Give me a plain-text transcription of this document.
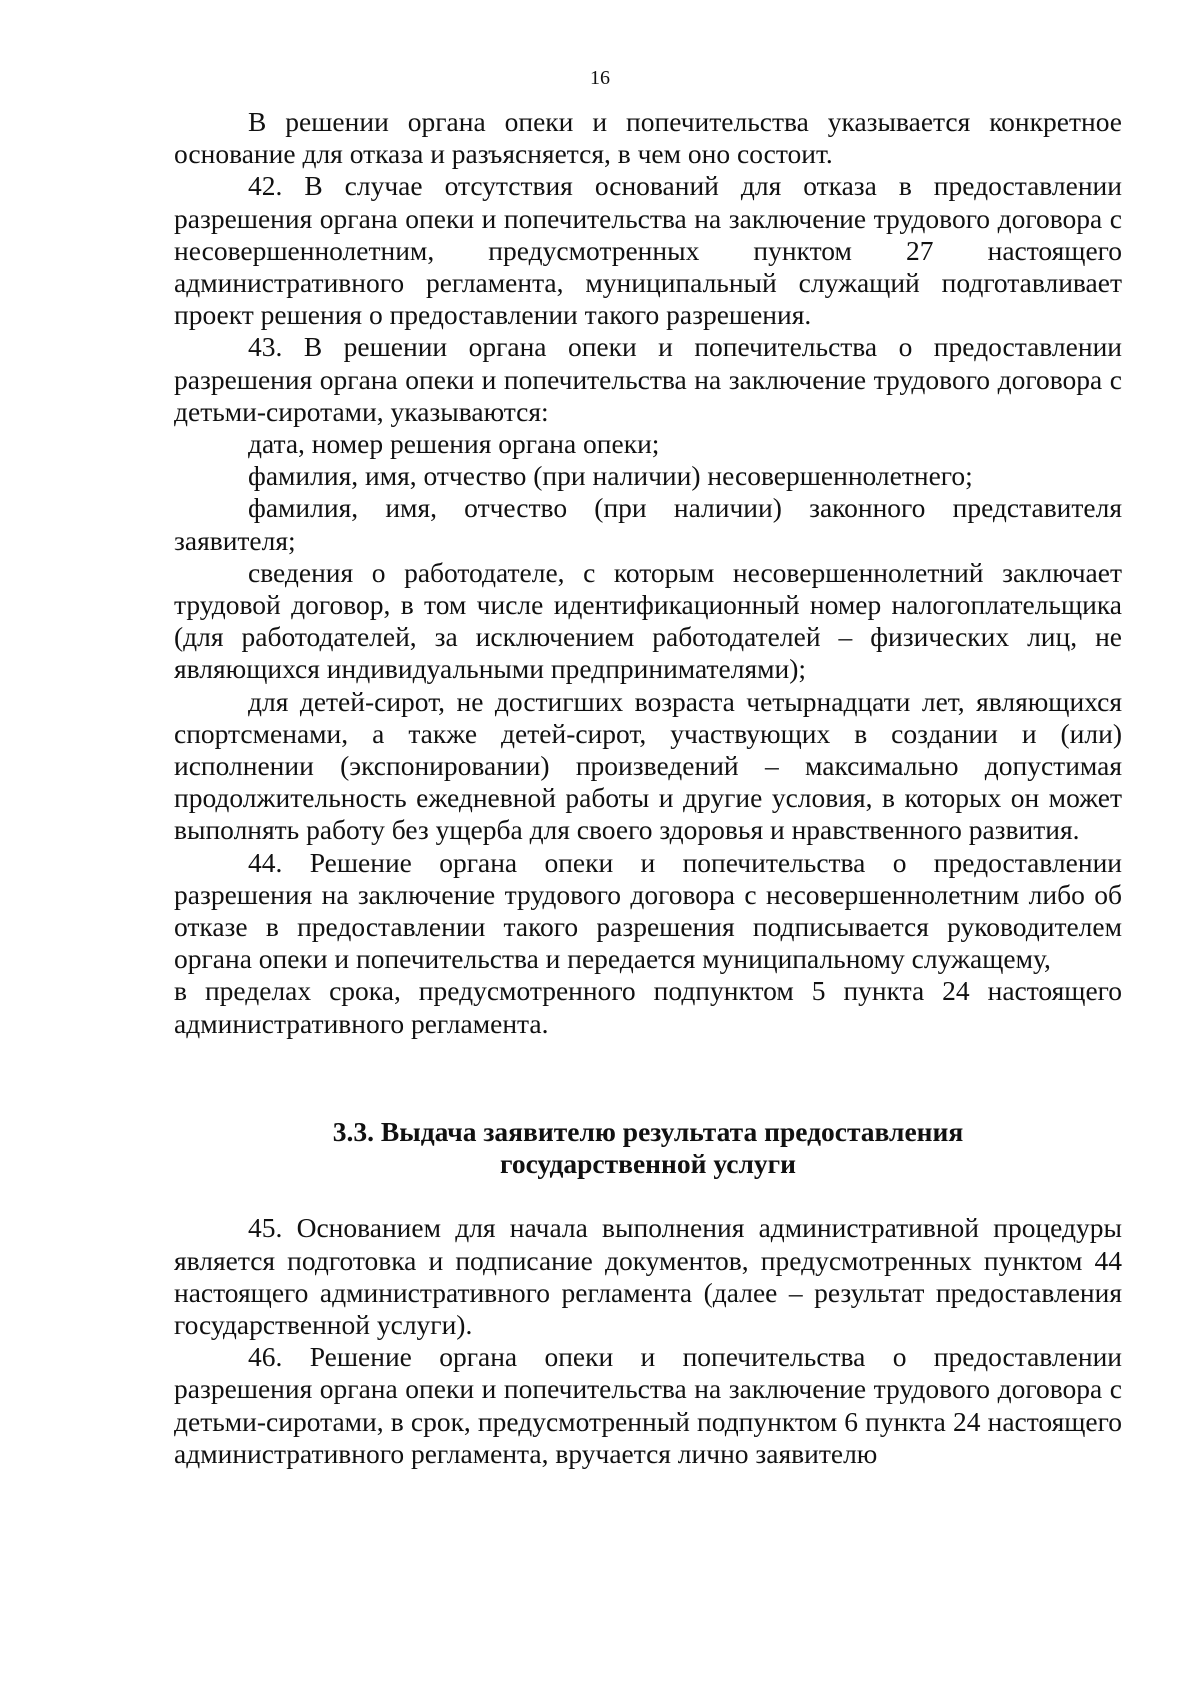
16

В решении органа опеки и попечительства указывается конкретное основание для отказа и разъясняется, в чем оно состоит.

42. В случае отсутствия оснований для отказа в предоставлении разрешения органа опеки и попечительства на заключение трудового договора с несовершеннолетним, предусмотренных пунктом 27 настоящего административного регламента, муниципальный служащий подготавливает проект решения о предоставлении такого разрешения.

43. В решении органа опеки и попечительства о предоставлении разрешения органа опеки и попечительства на заключение трудового договора с детьми-сиротами, указываются:

дата, номер решения органа опеки;

фамилия, имя, отчество (при наличии) несовершеннолетнего;

фамилия, имя, отчество (при наличии) законного представителя заявителя;

сведения о работодателе, с которым несовершеннолетний заключает трудовой договор, в том числе идентификационный номер налогоплательщика (для работодателей, за исключением работодателей – физических лиц, не являющихся индивидуальными предпринимателями);

для детей-сирот, не достигших возраста четырнадцати лет, являющихся спортсменами, а также детей-сирот, участвующих в создании и (или) исполнении (экспонировании) произведений – максимально допустимая продолжительность ежедневной работы и другие условия, в которых он может выполнять работу без ущерба для своего здоровья и нравственного развития.

44. Решение органа опеки и попечительства о предоставлении разрешения на заключение трудового договора с несовершеннолетним либо об отказе в предоставлении такого разрешения подписывается руководителем органа опеки и попечительства и передается муниципальному служащему,

в пределах срока, предусмотренного подпунктом 5 пункта 24 настоящего административного регламента.

3.3. Выдача заявителю результата предоставления
государственной услуги

45. Основанием для начала выполнения административной процедуры является подготовка и подписание документов, предусмотренных пунктом 44 настоящего административного регламента (далее – результат предоставления государственной услуги).

46. Решение органа опеки и попечительства о предоставлении разрешения органа опеки и попечительства на заключение трудового договора с детьми-сиротами, в срок, предусмотренный подпунктом 6 пункта 24 настоящего административного регламента, вручается лично заявителю
